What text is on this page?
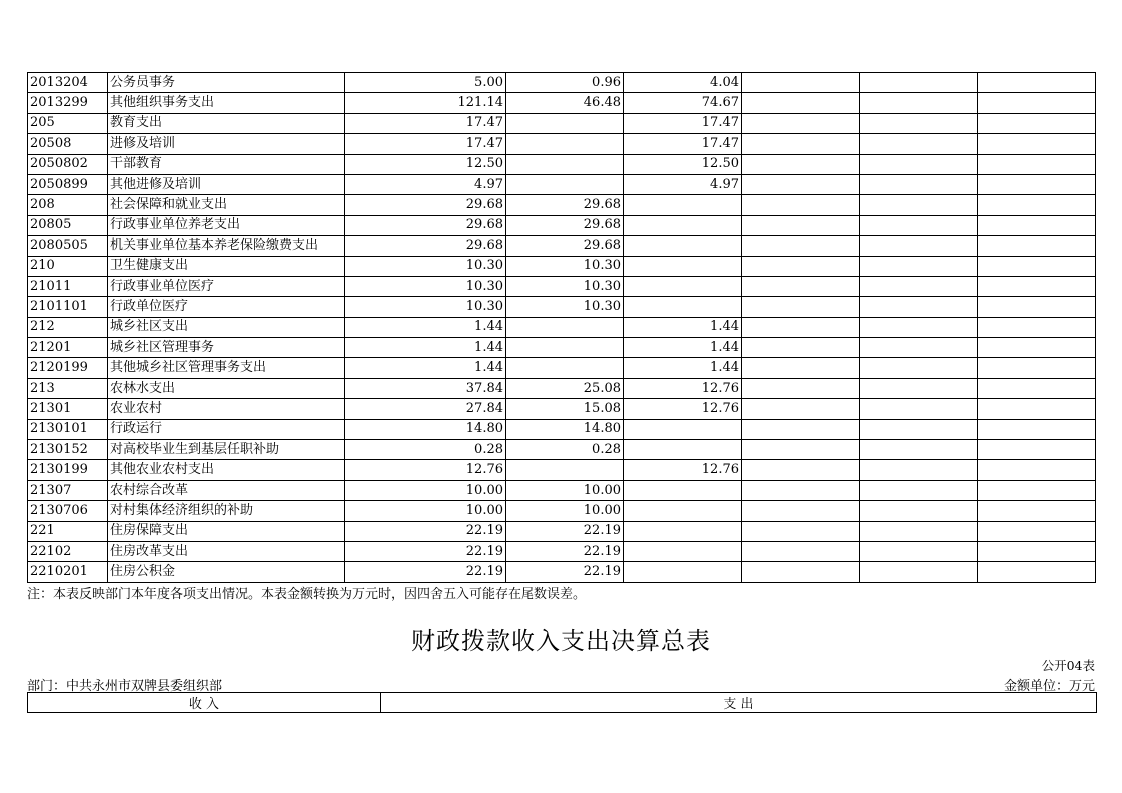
2013204	公务员事务	5.00	0.96	4.04			
2013299	其他组织事务支出	121.14	46.48	74.67			
205	教育支出	17.47		17.47			
20508	进修及培训	17.47		17.47			
2050802	干部教育	12.50		12.50			
2050899	其他进修及培训	4.97		4.97			
208	社会保障和就业支出	29.68	29.68				
20805	行政事业单位养老支出	29.68	29.68				
2080505	机关事业单位基本养老保险缴费支出	29.68	29.68				
210	卫生健康支出	10.30	10.30				
21011	行政事业单位医疗	10.30	10.30				
2101101	行政单位医疗	10.30	10.30				
212	城乡社区支出	1.44		1.44			
21201	城乡社区管理事务	1.44		1.44			
2120199	其他城乡社区管理事务支出	1.44		1.44			
213	农林水支出	37.84	25.08	12.76			
21301	农业农村	27.84	15.08	12.76			
2130101	行政运行	14.80	14.80				
2130152	对高校毕业生到基层任职补助	0.28	0.28				
2130199	其他农业农村支出	12.76		12.76			
21307	农村综合改革	10.00	10.00				
2130706	对村集体经济组织的补助	10.00	10.00				
221	住房保障支出	22.19	22.19				
22102	住房改革支出	22.19	22.19				
2210201	住房公积金	22.19	22.19				
注：本表反映部门本年度各项支出情况。本表金额转换为万元时，因四舍五入可能存在尾数误差。
财政拨款收入支出决算总表
公开04表
部门：中共永州市双牌县委组织部	金额单位：万元
收 入	支 出
